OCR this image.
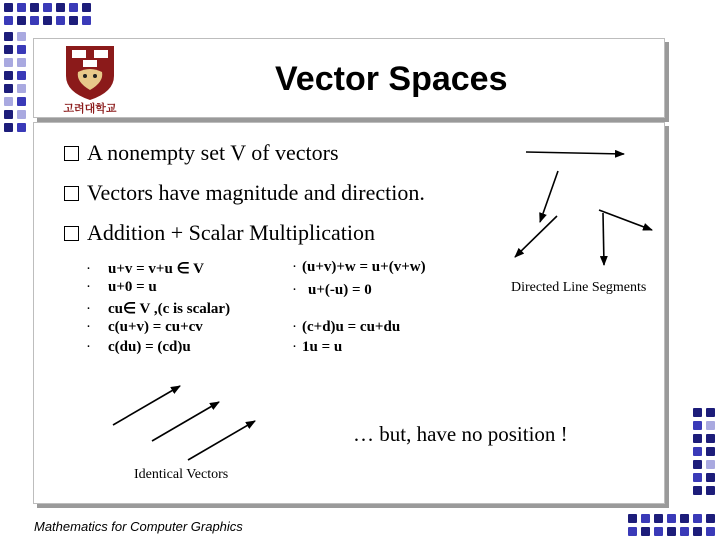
고려대학교
Vector Spaces
A nonempty set V of vectors
Vectors have magnitude and direction.
Addition + Scalar Multiplication
· u+v = v+u ∈ V
· u+0 = u
· cu∈ V ,(c is scalar)
· c(u+v) = cu+cv
· c(du) = (cd)u
· (u+v)+w = u+(v+w)
· u+(-u) = 0
· (c+d)u = cu+du
· 1u = u
Directed Line Segments
… but, have no position !
Identical Vectors
Mathematics for Computer Graphics
